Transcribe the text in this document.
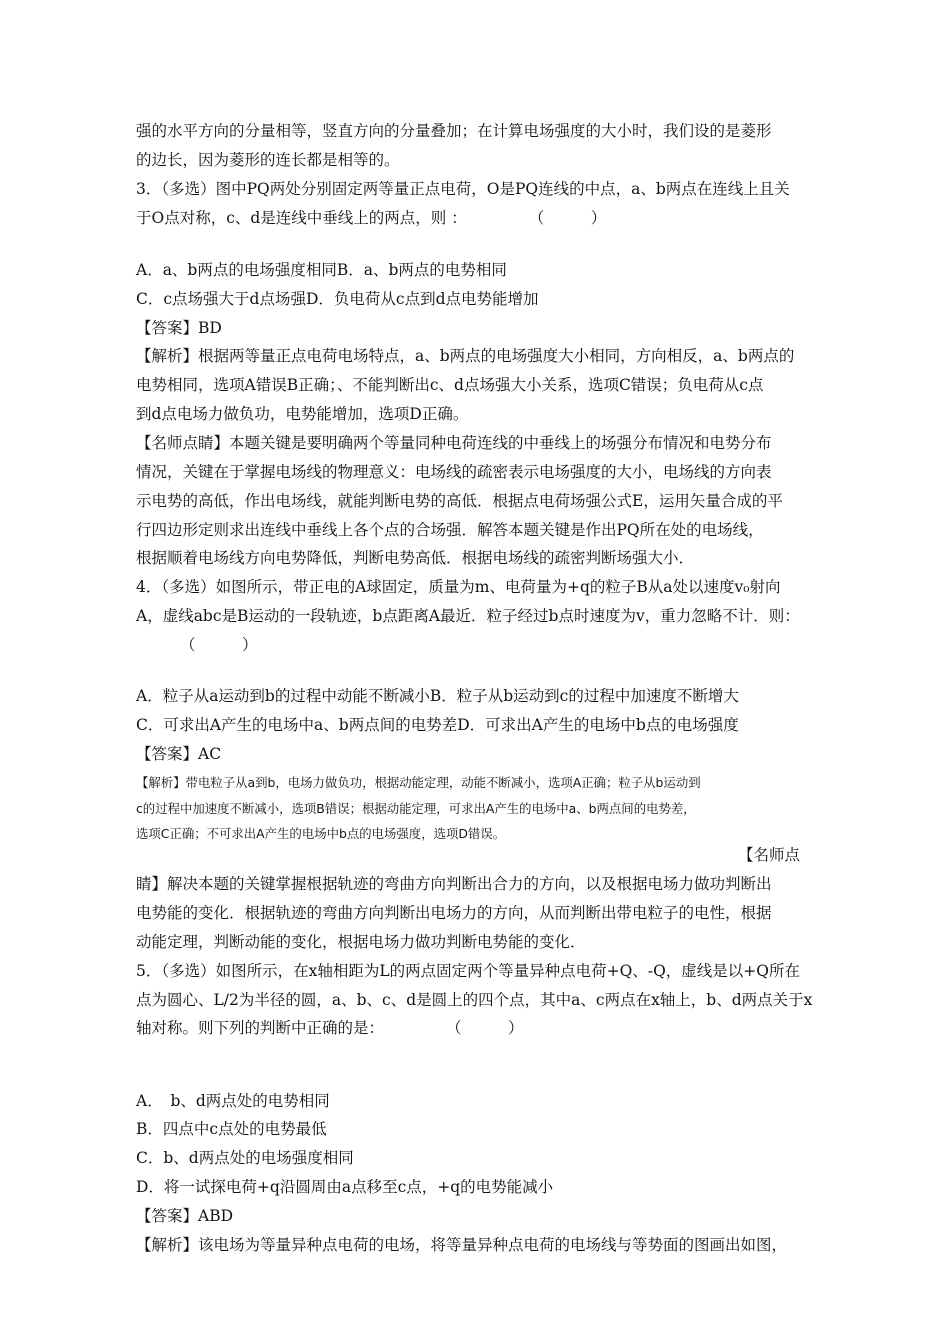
强的水平方向的分量相等，竖直方向的分量叠加；在计算电场强度的大小时，我们设的是菱形
的边长，因为菱形的连长都是相等的。
3．（多选）图中PQ两处分别固定两等量正点电荷，O是PQ连线的中点，a、b两点在连线上且关
于O点对称，c、d是连线中垂线上的两点，则 ：　　　　　（　　　）
A．a、b两点的电场强度相同B．a、b两点的电势相同
C．c点场强大于d点场强D．负电荷从c点到d点电势能增加
【答案】BD
【解析】根据两等量正点电荷电场特点，a、b两点的电场强度大小相同，方向相反，a、b两点的
电势相同，选项A错误B正确；、不能判断出c、d点场强大小关系，选项C错误；负电荷从c点
到d点电场力做负功，电势能增加，选项D正确。
【名师点睛】本题关键是要明确两个等量同种电荷连线的中垂线上的场强分布情况和电势分布
情况，关键在于掌握电场线的物理意义：电场线的疏密表示电场强度的大小，电场线的方向表
示电势的高低，作出电场线，就能判断电势的高低．根据点电荷场强公式E，运用矢量合成的平
行四边形定则求出连线中垂线上各个点的合场强．解答本题关键是作出PQ所在处的电场线，
根据顺着电场线方向电势降低，判断电势高低．根据电场线的疏密判断场强大小．
4．（多选）如图所示，带正电的A球固定，质量为m、电荷量为+q的粒子B从a处以速度v₀射向
A，虚线abc是B运动的一段轨迹，b点距离A最近．粒子经过b点时速度为v，重力忽略不计．则：
（　　　）
A．粒子从a运动到b的过程中动能不断减小B．粒子从b运动到c的过程中加速度不断增大
C．可求出A产生的电场中a、b两点间的电势差D．可求出A产生的电场中b点的电场强度
【答案】AC
【解析】带电粒子从a到b，电场力做负功，根据动能定理，动能不断减小，选项A正确；粒子从b运动到
c的过程中加速度不断减小，选项B错误；根据动能定理，可求出A产生的电场中a、b两点间的电势差，
选项C正确；不可求出A产生的电场中b点的电场强度，选项D错误。
【名师点
睛】解决本题的关键掌握根据轨迹的弯曲方向判断出合力的方向，以及根据电场力做功判断出
电势能的变化．根据轨迹的弯曲方向判断出电场力的方向，从而判断出带电粒子的电性，根据
动能定理，判断动能的变化，根据电场力做功判断电势能的变化．
5．（多选）如图所示，在x轴相距为L的两点固定两个等量异种点电荷+Q、-Q，虚线是以+Q所在
点为圆心、L/2为半径的圆，a、b、c、d是圆上的四个点，其中a、c两点在x轴上，b、d两点关于x
轴对称。则下列的判断中正确的是：　　　　　（　　　）
A．　b、d两点处的电势相同
B．四点中c点处的电势最低
C．b、d两点处的电场强度相同
D．将一试探电荷+q沿圆周由a点移至c点，+q的电势能减小
【答案】ABD
【解析】该电场为等量异种点电荷的电场，将等量异种点电荷的电场线与等势面的图画出如图，
